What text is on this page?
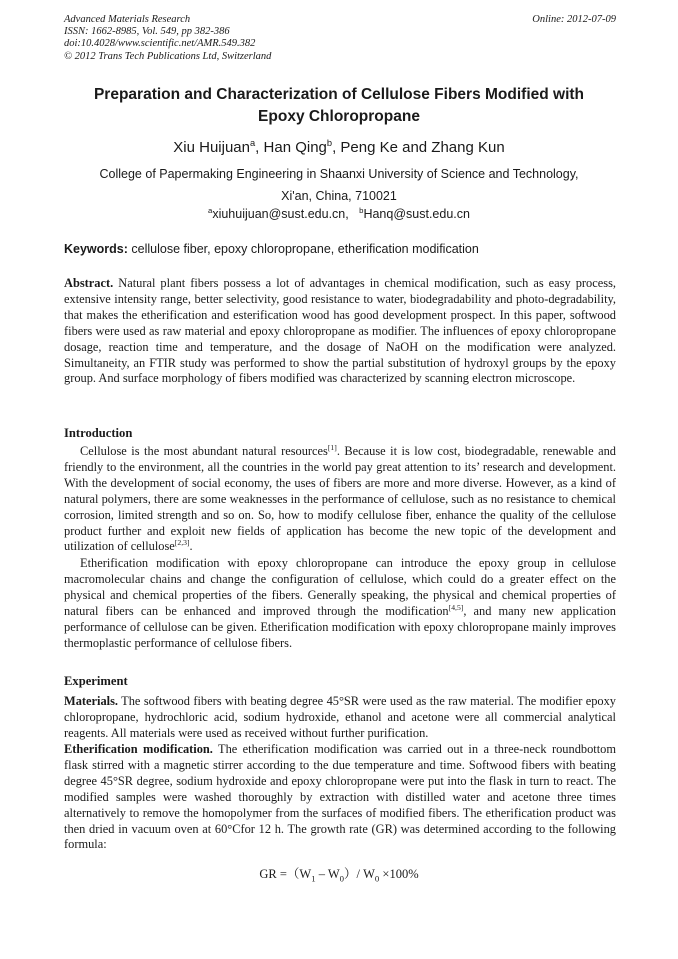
Advanced Materials Research
ISSN: 1662-8985, Vol. 549, pp 382-386
doi:10.4028/www.scientific.net/AMR.549.382
© 2012 Trans Tech Publications Ltd, Switzerland
Online: 2012-07-09
Preparation and Characterization of Cellulose Fibers Modified with
Epoxy Chloropropane
Xiu Huijuan$^a$, Han Qing$^b$, Peng Ke and Zhang Kun
College of Papermaking Engineering in Shaanxi University of Science and Technology,
Xi'an, China, 710021
$^a$xiuhuijuan@sust.edu.cn, $^b$Hanq@sust.edu.cn
Keywords: cellulose fiber, epoxy chloropropane, etherification modification
Abstract. Natural plant fibers possess a lot of advantages in chemical modification, such as easy process, extensive intensity range, better selectivity, good resistance to water, biodegradability and photo-degradability, that makes the etherification and esterification wood has good development prospect. In this paper, softwood fibers were used as raw material and epoxy chloropropane as modifier. The influences of epoxy chloropropane dosage, reaction time and temperature, and the dosage of NaOH on the modification were analyzed. Simultaneity, an FTIR study was performed to show the partial substitution of hydroxyl groups by the epoxy group. And surface morphology of fibers modified was characterized by scanning electron microscope.
Introduction
Cellulose is the most abundant natural resources[1]. Because it is low cost, biodegradable, renewable and friendly to the environment, all the countries in the world pay great attention to its’ research and development. With the development of social economy, the uses of fibers are more and more diverse. However, as a kind of natural polymers, there are some weaknesses in the performance of cellulose, such as no resistance to chemical corrosion, limited strength and so on. So, how to modify cellulose fiber, enhance the quality of the cellulose product further and exploit new fields of application has become the new topic of the development and utilization of cellulose[2,3].
Etherification modification with epoxy chloropropane can introduce the epoxy group in cellulose macromolecular chains and change the configuration of cellulose, which could do a greater effect on the physical and chemical properties of the fibers. Generally speaking, the physical and chemical properties of natural fibers can be enhanced and improved through the modification[4,5], and many new application performance of cellulose can be given. Etherification modification with epoxy chloropropane mainly improves thermoplastic performance of cellulose fibers.
Experiment
Materials. The softwood fibers with beating degree 45°SR were used as the raw material. The modifier epoxy chloropropane, hydrochloric acid, sodium hydroxide, ethanol and acetone were all commercial analytical reagents. All materials were used as received without further purification.
Etherification modification. The etherification modification was carried out in a three-neck roundbottom flask stirred with a magnetic stirrer according to the due temperature and time. Softwood fibers with beating degree 45°SR degree, sodium hydroxide and epoxy chloropropane were put into the flask in turn to react. The modified samples were washed thoroughly by extraction with distilled water and acetone three times alternatively to remove the homopolymer from the surfaces of modified fibers. The etherification product was then dried in vacuum oven at 60°Cfor 12 h. The growth rate (GR) was determined according to the following formula:
GR $=(W_1 - W_0)/$ $W_0 \times 100\%$
